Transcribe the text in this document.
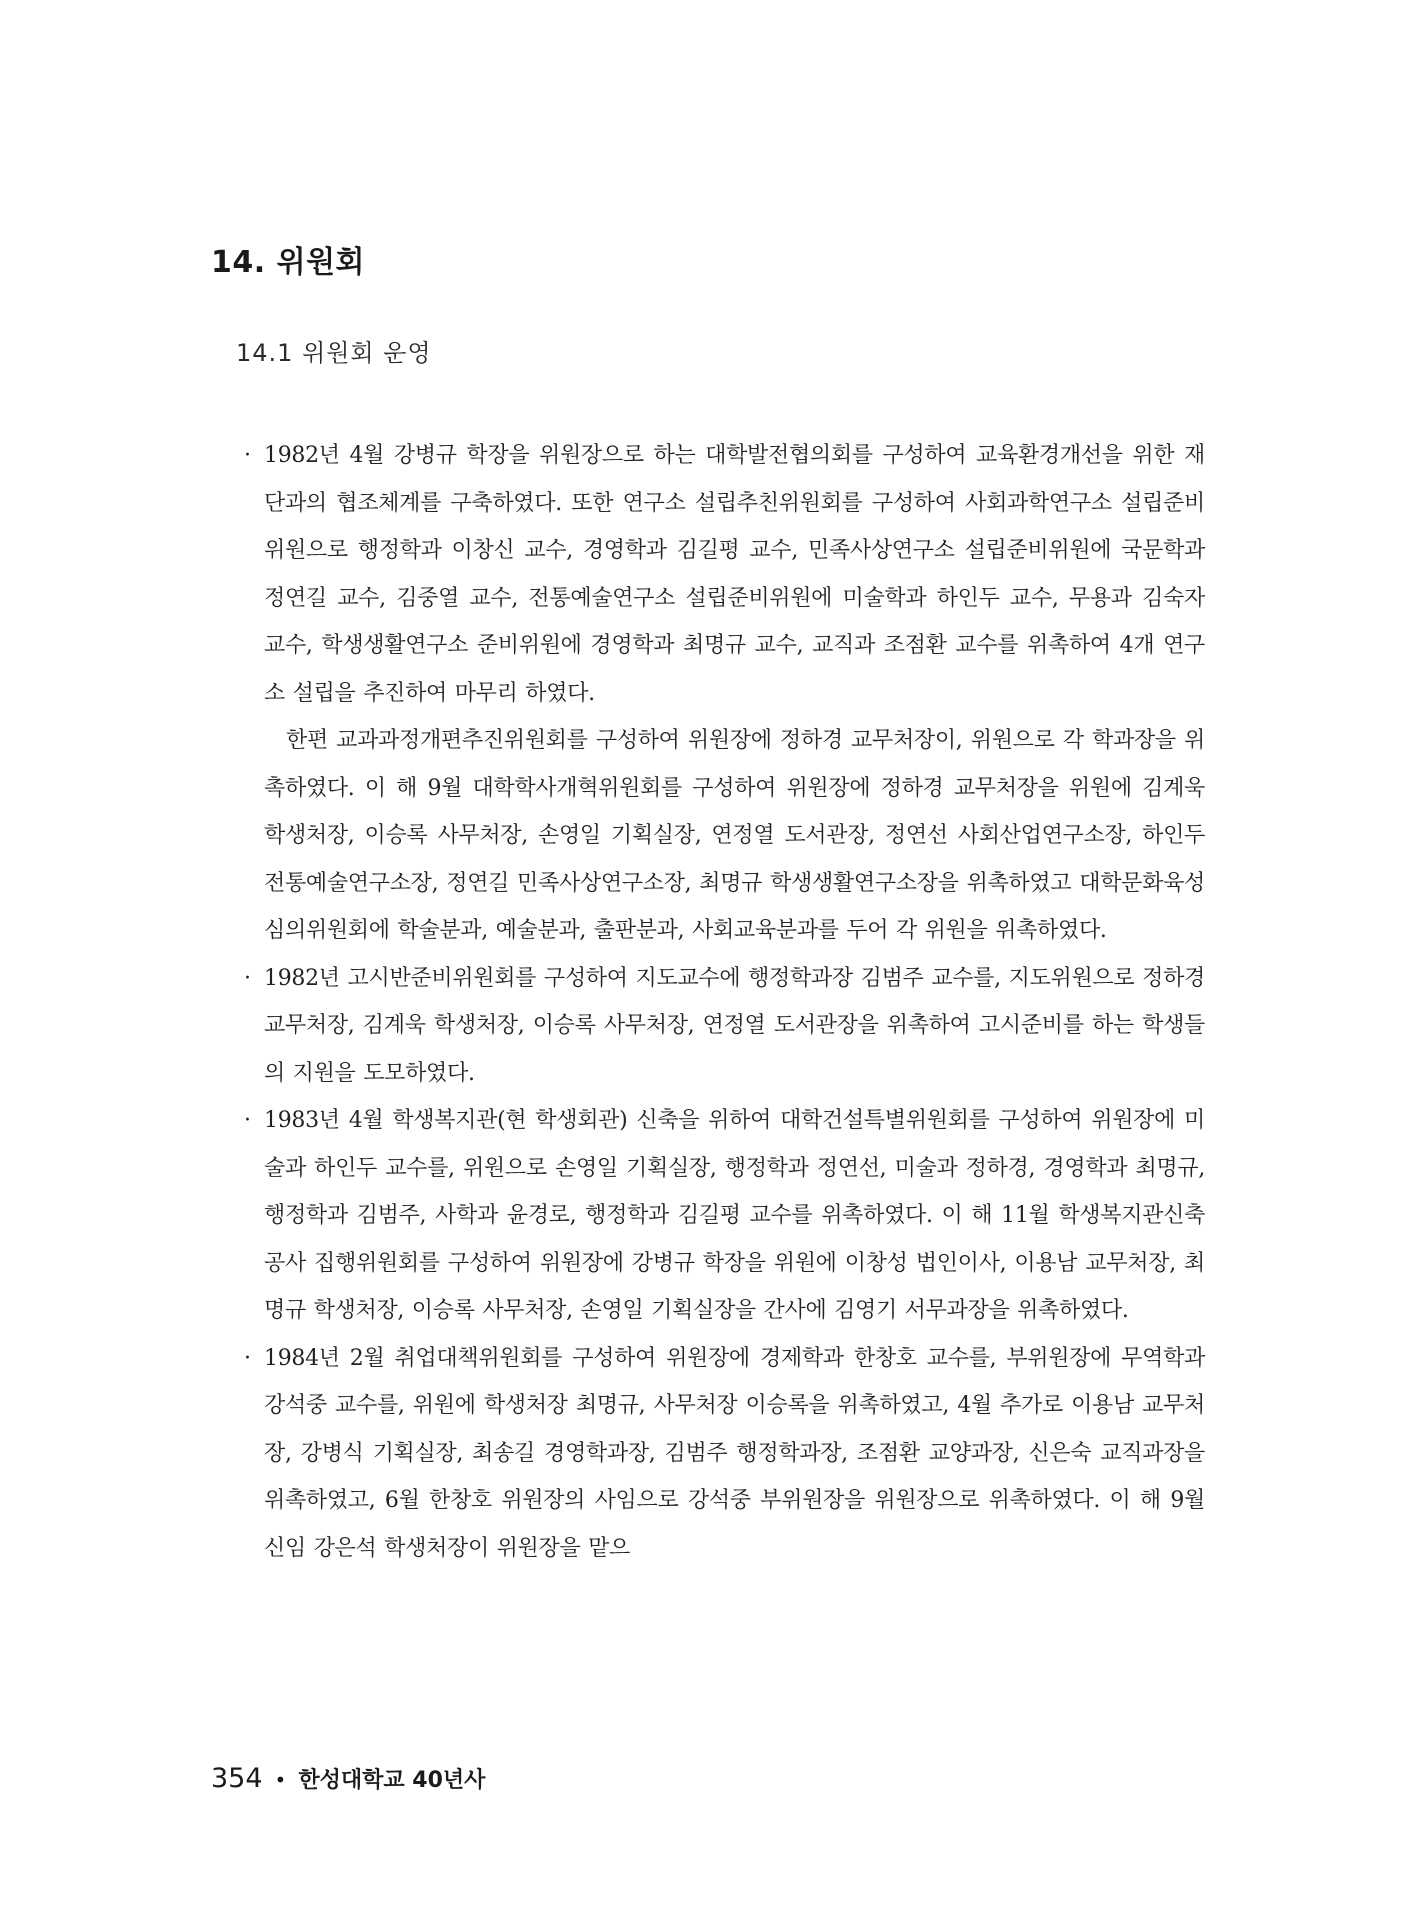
14. 위원회
14.1 위원회 운영
· 1982년 4월 강병규 학장을 위원장으로 하는 대학발전협의회를 구성하여 교육환경개선을 위한 재단과의 협조체계를 구축하였다. 또한 연구소 설립추친위원회를 구성하여 사회과학연구소 설립준비위원으로 행정학과 이창신 교수, 경영학과 김길평 교수, 민족사상연구소 설립준비위원에 국문학과 정연길 교수, 김중열 교수, 전통예술연구소 설립준비위원에 미술학과 하인두 교수, 무용과 김숙자 교수, 학생생활연구소 준비위원에 경영학과 최명규 교수, 교직과 조점환 교수를 위촉하여 4개 연구소 설립을 추진하여 마무리 하였다.

한편 교과과정개편추진위원회를 구성하여 위원장에 정하경 교무처장이, 위원으로 각 학과장을 위촉하였다. 이 해 9월 대학학사개혁위원회를 구성하여 위원장에 정하경 교무처장을 위원에 김계욱 학생처장, 이승록 사무처장, 손영일 기획실장, 연정열 도서관장, 정연선 사회산업연구소장, 하인두 전통예술연구소장, 정연길 민족사상연구소장, 최명규 학생생활연구소장을 위촉하였고 대학문화육성심의위원회에 학술분과, 예술분과, 출판분과, 사회교육분과를 두어 각 위원을 위촉하였다.

· 1982년 고시반준비위원회를 구성하여 지도교수에 행정학과장 김범주 교수를, 지도위원으로 정하경 교무처장, 김계욱 학생처장, 이승록 사무처장, 연정열 도서관장을 위촉하여 고시준비를 하는 학생들의 지원을 도모하였다.

· 1983년 4월 학생복지관(현 학생회관) 신축을 위하여 대학건설특별위원회를 구성하여 위원장에 미술과 하인두 교수를, 위원으로 손영일 기획실장, 행정학과 정연선, 미술과 정하경, 경영학과 최명규, 행정학과 김범주, 사학과 윤경로, 행정학과 김길평 교수를 위촉하였다. 이 해 11월 학생복지관신축공사 집행위원회를 구성하여 위원장에 강병규 학장을 위원에 이창성 법인이사, 이용남 교무처장, 최명규 학생처장, 이승록 사무처장, 손영일 기획실장을 간사에 김영기 서무과장을 위촉하였다.

· 1984년 2월 취업대책위원회를 구성하여 위원장에 경제학과 한창호 교수를, 부위원장에 무역학과 강석중 교수를, 위원에 학생처장 최명규, 사무처장 이승록을 위촉하였고, 4월 추가로 이용남 교무처장, 강병식 기획실장, 최송길 경영학과장, 김범주 행정학과장, 조점환 교양과장, 신은숙 교직과장을 위촉하였고, 6월 한창호 위원장의 사임으로 강석중 부위원장을 위원장으로 위촉하였다. 이 해 9월 신임 강은석 학생처장이 위원장을 맡으

354 • 한성대학교 40년사
